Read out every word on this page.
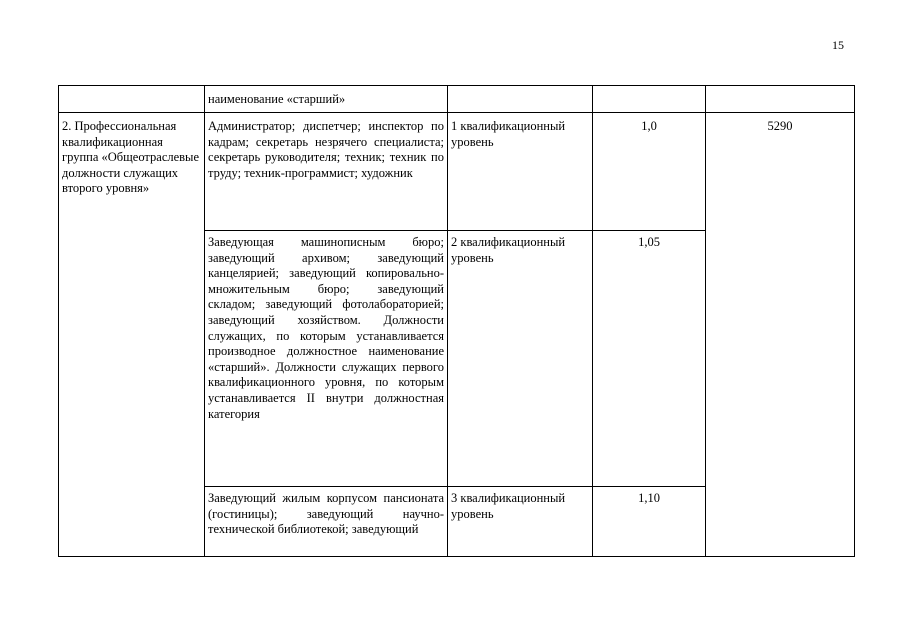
15
	наименование «старший»			
2. Профессиональная квалификационная группа «Общеотраслевые должности служащих второго уровня»	Администратор; диспетчер; инспектор по кадрам; секретарь незрячего специалиста; секретарь руководителя; техник; техник по труду; техник-программист; художник	1 квалификационный уровень	1,0	5290
	Заведующая машинописным бюро; заведующий архивом; заведующий канцелярией; заведующий копировально-множительным бюро; заведующий складом; заведующий фотолабораторией; заведующий хозяйством. Должности служащих, по которым устанавливается производное должностное наименование «старший». Должности служащих первого квалификационного уровня, по которым устанавливается II внутри должностная категория	2 квалификационный уровень	1,05	
	Заведующий жилым корпусом пансионата (гостиницы); заведующий научно-технической библиотекой; заведующий	3 квалификационный уровень	1,10	
